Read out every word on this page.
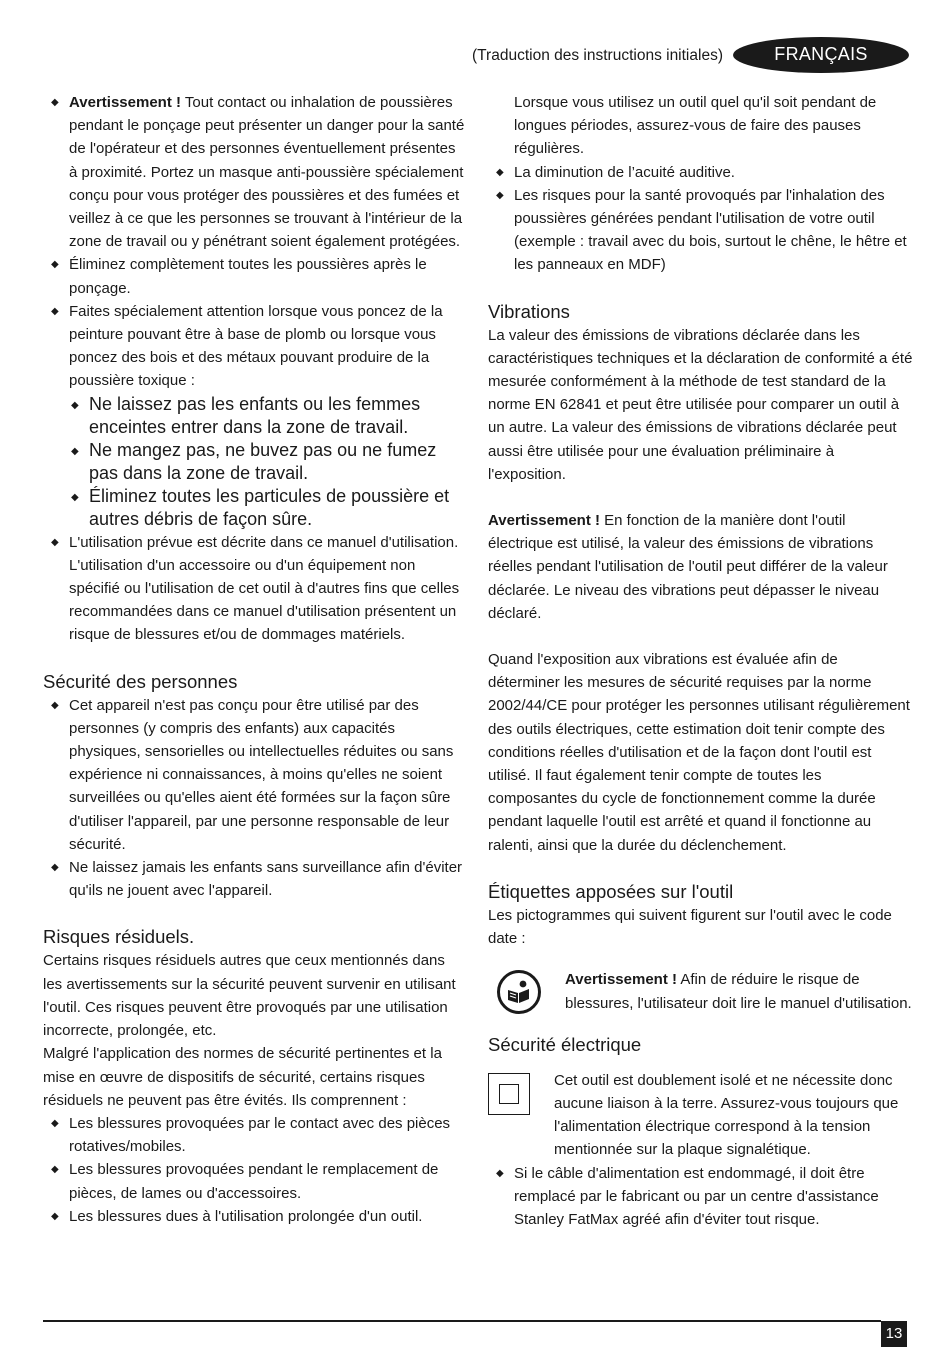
(Traduction des instructions initiales)	FRANÇAIS
◆ Avertissement ! Tout contact ou inhalation de poussières pendant le ponçage peut présenter un danger pour la santé de l'opérateur et des personnes éventuellement présentes à proximité. Portez un masque anti-poussière spécialement conçu pour vous protéger des poussières et des fumées et veillez à ce que les personnes se trouvant à l'intérieur de la zone de travail ou y pénétrant soient également protégées.
◆ Éliminez complètement toutes les poussières après le ponçage.
◆ Faites spécialement attention lorsque vous poncez de la peinture pouvant être à base de plomb ou lorsque vous poncez des bois et des métaux pouvant produire de la poussière toxique :
◆ Ne laissez pas les enfants ou les femmes enceintes entrer dans la zone de travail.
◆ Ne mangez pas, ne buvez pas ou ne fumez pas dans la zone de travail.
◆ Éliminez toutes les particules de poussière et autres débris de façon sûre.
◆ L'utilisation prévue est décrite dans ce manuel d'utilisation. L'utilisation d'un accessoire ou d'un équipement non spécifié ou l'utilisation de cet outil à d'autres fins que celles recommandées dans ce manuel d'utilisation présentent un risque de blessures et/ou de dommages matériels.
Sécurité des personnes
◆ Cet appareil n'est pas conçu pour être utilisé par des personnes (y compris des enfants) aux capacités physiques, sensorielles ou intellectuelles réduites ou sans expérience ni connaissances, à moins qu'elles ne soient surveillées ou qu'elles aient été formées sur la façon sûre d'utiliser l'appareil, par une personne responsable de leur sécurité.
◆ Ne laissez jamais les enfants sans surveillance afin d'éviter qu'ils ne jouent avec l'appareil.
Risques résiduels.

Certains risques résiduels autres que ceux mentionnés dans les avertissements sur la sécurité peuvent survenir en utilisant l'outil. Ces risques peuvent être provoqués par une utilisation incorrecte, prolongée, etc.

Malgré l'application des normes de sécurité pertinentes et la mise en œuvre de dispositifs de sécurité, certains risques résiduels ne peuvent pas être évités. Ils comprennent :

◆ Les blessures provoquées par le contact avec des pièces rotatives/mobiles.
◆ Les blessures provoquées pendant le remplacement de pièces, de lames ou d'accessoires.
◆ Les blessures dues à l'utilisation prolongée d'un outil.

Lorsque vous utilisez un outil quel qu'il soit pendant de longues périodes, assurez-vous de faire des pauses régulières.

◆ La diminution de l’acuité auditive.
◆ Les risques pour la santé provoqués par l'inhalation des poussières générées pendant l'utilisation de votre outil (exemple : travail avec du bois, surtout le chêne, le hêtre et les panneaux en MDF)
Vibrations

La valeur des émissions de vibrations déclarée dans les caractéristiques techniques et la déclaration de conformité a été mesurée conformément à la méthode de test standard de la norme EN 62841 et peut être utilisée pour comparer un outil à un autre. La valeur des émissions de vibrations déclarée peut aussi être utilisée pour une évaluation préliminaire à l'exposition.

Avertissement ! En fonction de la manière dont l'outil électrique est utilisé, la valeur des émissions de vibrations réelles pendant l'utilisation de l'outil peut différer de la valeur déclarée. Le niveau des vibrations peut dépasser le niveau déclaré.

Quand l'exposition aux vibrations est évaluée afin de déterminer les mesures de sécurité requises par la norme 2002/44/CE pour protéger les personnes utilisant régulièrement des outils électriques, cette estimation doit tenir compte des conditions réelles d'utilisation et de la façon dont l'outil est utilisé. Il faut également tenir compte de toutes les composantes du cycle de fonctionnement comme la durée pendant laquelle l'outil est arrêté et quand il fonctionne au ralenti, ainsi que la durée du déclenchement.

Étiquettes apposées sur l'outil

Les pictogrammes qui suivent figurent sur l'outil avec le code date :

Avertissement ! Afin de réduire le risque de blessures, l'utilisateur doit lire le manuel d'utilisation.

Sécurité électrique

Cet outil est doublement isolé et ne nécessite donc aucune liaison à la terre. Assurez-vous toujours que l'alimentation électrique correspond à la tension mentionnée sur la plaque signalétique.

◆ Si le câble d'alimentation est endommagé, il doit être remplacé par le fabricant ou par un centre d'assistance Stanley FatMax agréé afin d'éviter tout risque.
13
